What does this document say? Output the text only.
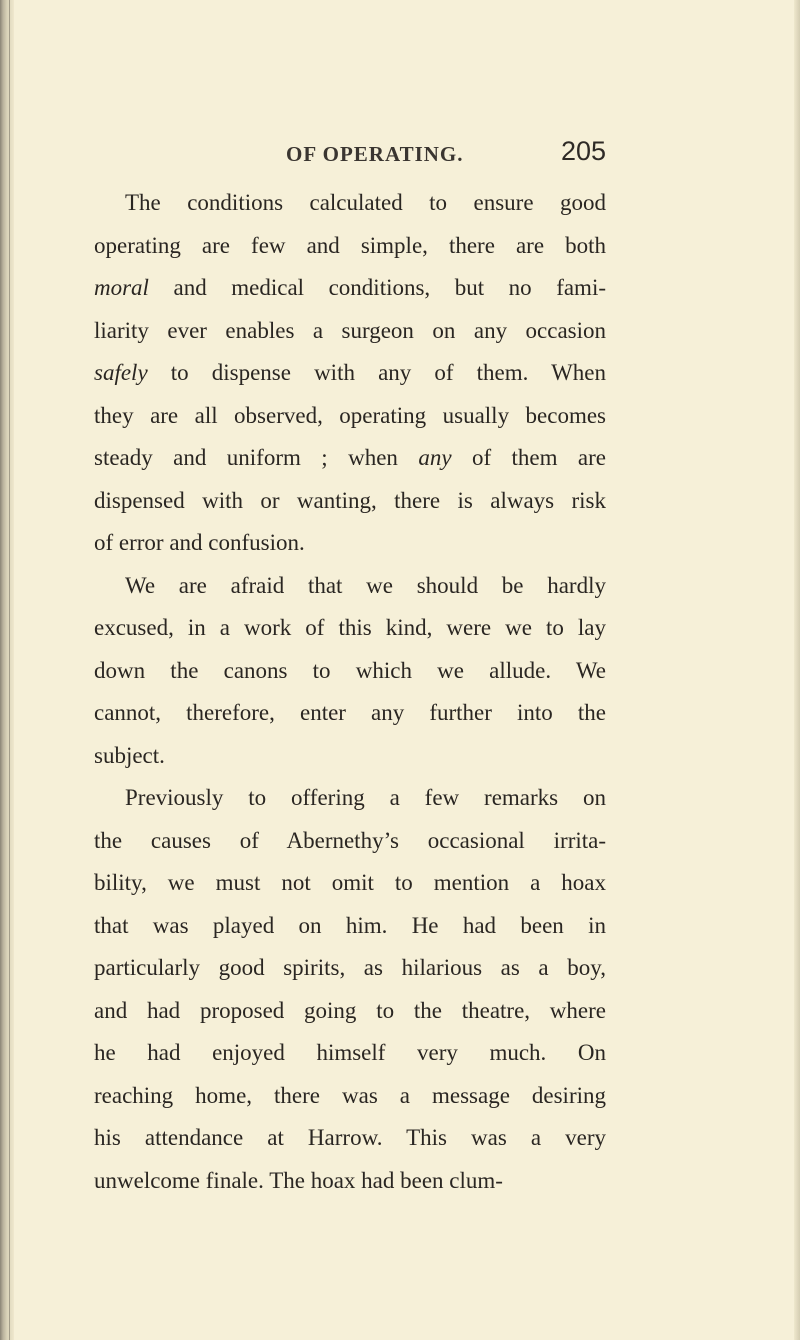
OF OPERATING.	205

The conditions calculated to ensure good
operating are few and simple, there are both
moral and medical conditions, but no fami-
liarity ever enables a surgeon on any occasion
safely to dispense with any of them. When
they are all observed, operating usually becomes
steady and uniform ; when any of them are
dispensed with or wanting, there is always risk
of error and confusion.

We are afraid that we should be hardly
excused, in a work of this kind, were we to lay
down the canons to which we allude. We
cannot, therefore, enter any further into the
subject.

Previously to offering a few remarks on
the causes of Abernethy’s occasional irrita-
bility, we must not omit to mention a hoax
that was played on him. He had been in
particularly good spirits, as hilarious as a boy,
and had proposed going to the theatre, where
he had enjoyed himself very much. On
reaching home, there was a message desiring
his attendance at Harrow. This was a very
unwelcome finale. The hoax had been clum-
